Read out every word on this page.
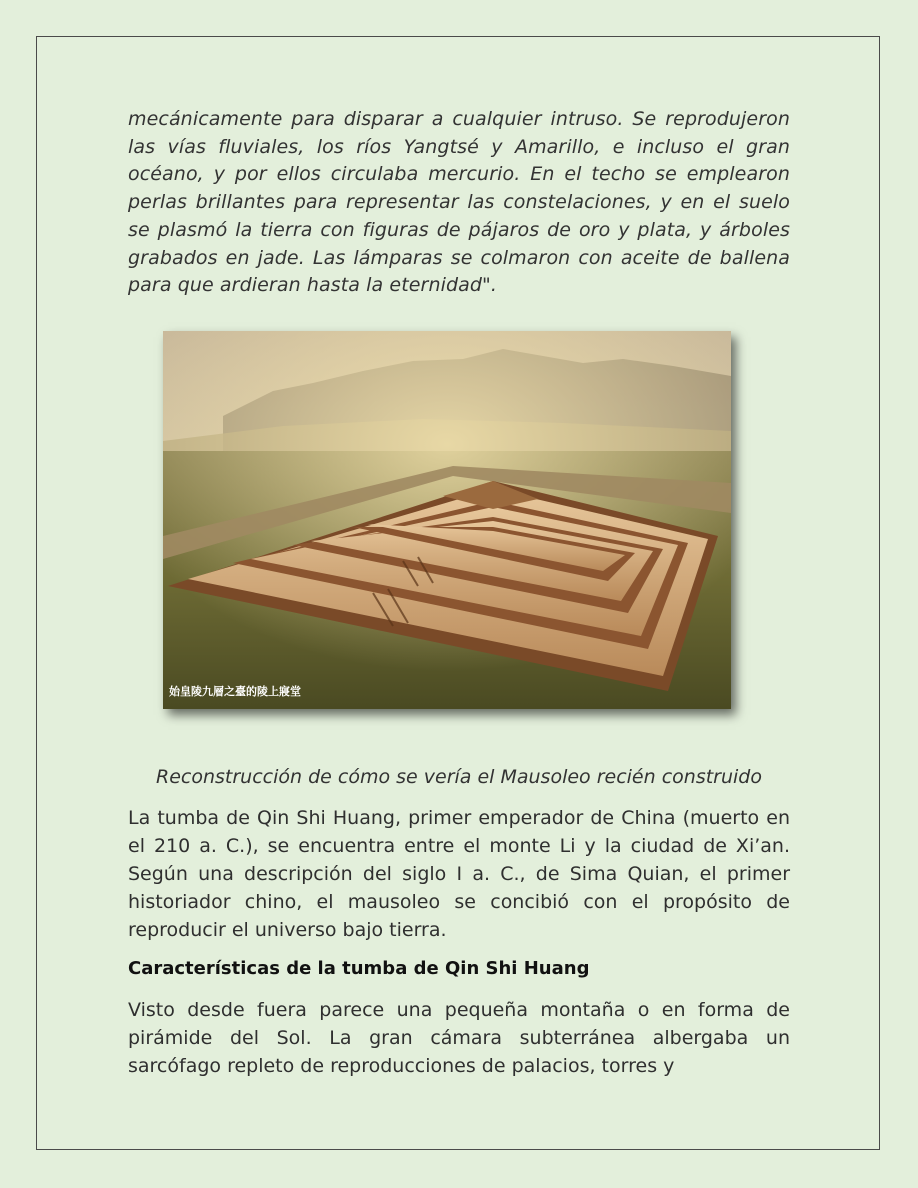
mecánicamente para disparar a cualquier intruso. Se reprodujeron las vías fluviales, los ríos Yangtsé y Amarillo, e incluso el gran océano, y por ellos circulaba mercurio. En el techo se emplearon perlas brillantes para representar las constelaciones, y en el suelo se plasmó la tierra con figuras de pájaros de oro y plata, y árboles grabados en jade. Las lámparas se colmaron con aceite de ballena para que ardieran hasta la eternidad".

始皇陵九層之臺的陵上寢堂
Reconstrucción de cómo se vería el Mausoleo recién construido

La tumba de Qin Shi Huang, primer emperador de China (muerto en el 210 a. C.), se encuentra entre el monte Li y la ciudad de Xi’an. Según una descripción del siglo I a. C., de Sima Quian, el primer historiador chino, el mausoleo se concibió con el propósito de reproducir el universo bajo tierra.

Características de la tumba de Qin Shi Huang

Visto desde fuera parece una pequeña montaña o en forma de pirámide del Sol. La gran cámara subterránea albergaba un sarcófago repleto de reproducciones de palacios, torres y
